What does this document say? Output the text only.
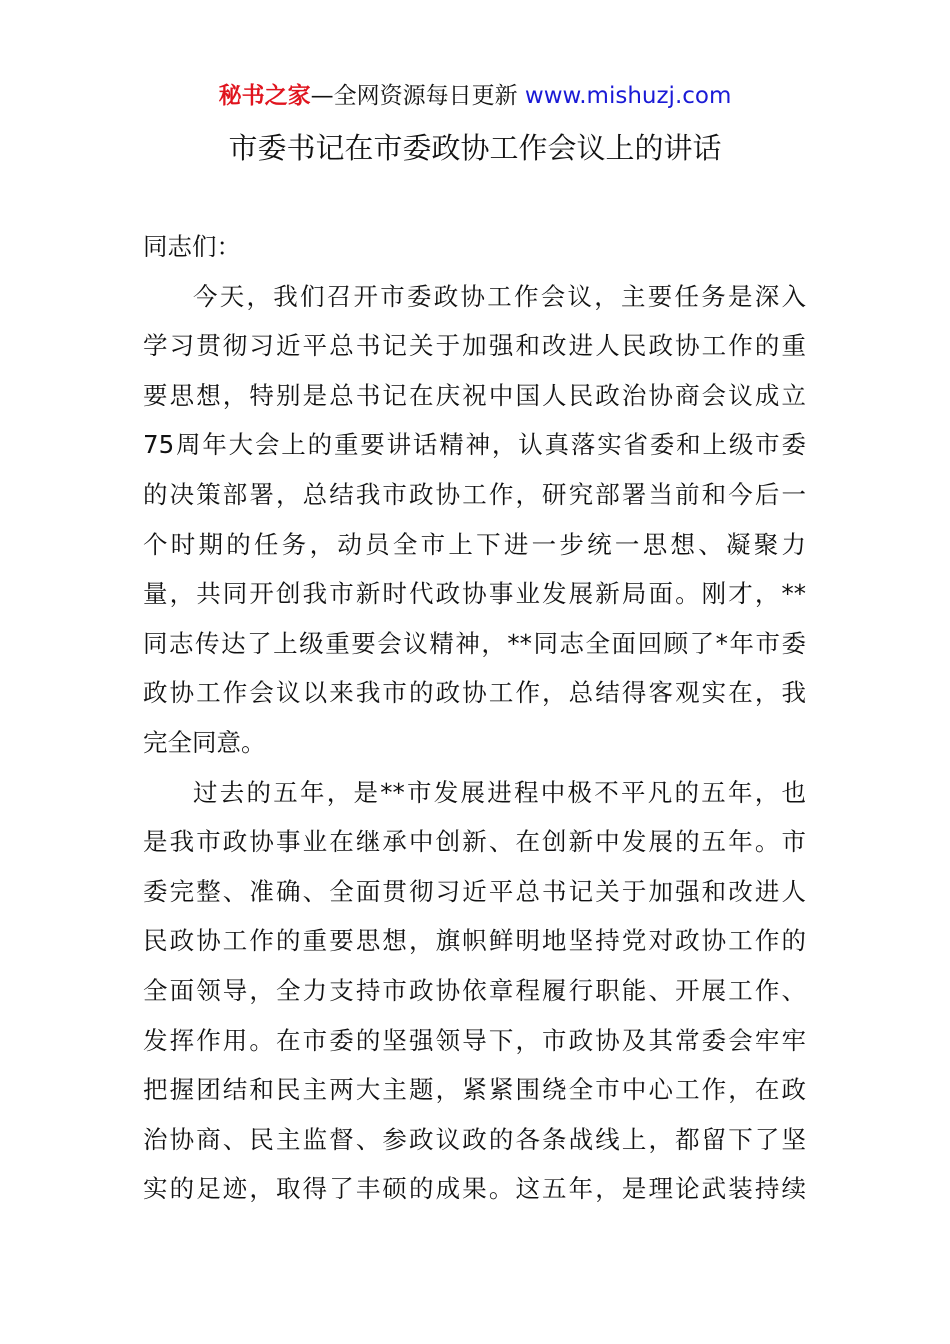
秘书之家—全网资源每日更新 www.mishuzj.com
市委书记在市委政协工作会议上的讲话

同志们：

今天，我们召开市委政协工作会议，主要任务是深入
学习贯彻习近平总书记关于加强和改进人民政协工作的重
要思想，特别是总书记在庆祝中国人民政治协商会议成立
75周年大会上的重要讲话精神，认真落实省委和上级市委
的决策部署，总结我市政协工作，研究部署当前和今后一
个时期的任务，动员全市上下进一步统一思想、凝聚力
量，共同开创我市新时代政协事业发展新局面。刚才，**
同志传达了上级重要会议精神，**同志全面回顾了*年市委
政协工作会议以来我市的政协工作，总结得客观实在，我
完全同意。

过去的五年，是**市发展进程中极不平凡的五年，也
是我市政协事业在继承中创新、在创新中发展的五年。市
委完整、准确、全面贯彻习近平总书记关于加强和改进人
民政协工作的重要思想，旗帜鲜明地坚持党对政协工作的
全面领导，全力支持市政协依章程履行职能、开展工作、
发挥作用。在市委的坚强领导下，市政协及其常委会牢牢
把握团结和民主两大主题，紧紧围绕全市中心工作，在政
治协商、民主监督、参政议政的各条战线上，都留下了坚
实的足迹，取得了丰硕的成果。这五年，是理论武装持续
